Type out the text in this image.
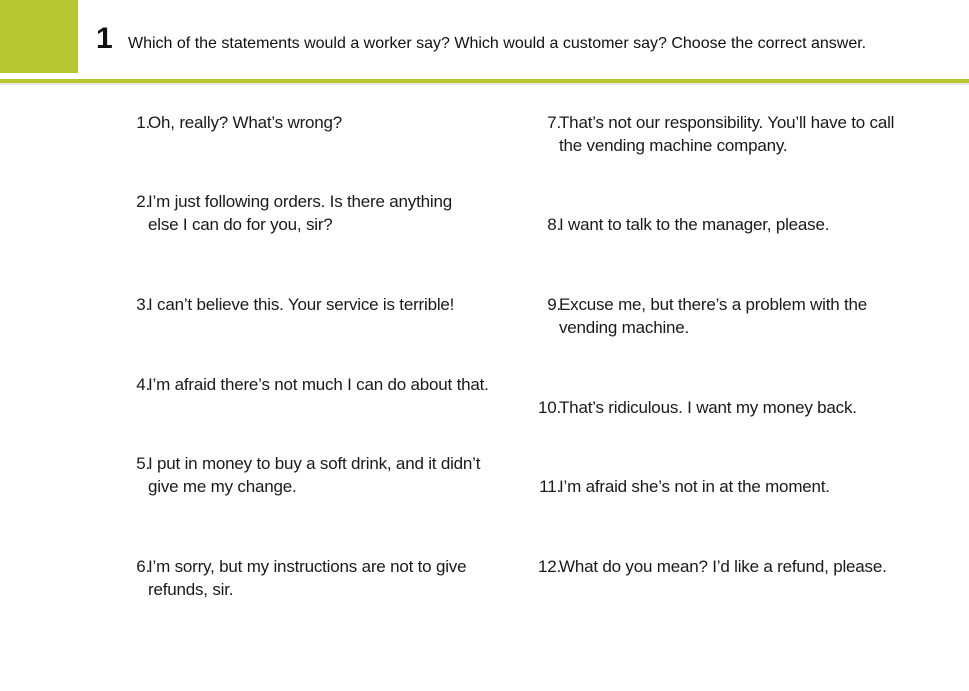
1 Which of the statements would a worker say? Which would a customer say? Choose the correct answer.
1.
Oh, really? What’s wrong?
2.
I’m just following orders. Is there anything else I can do for you, sir?
3.
I can’t believe this. Your service is terrible!
4.
I’m afraid there’s not much I can do about that.
5.
I put in money to buy a soft drink, and it didn’t give me my change.
6.
I’m sorry, but my instructions are not to give refunds, sir.
7.
That’s not our responsibility. You’ll have to call the vending machine company.
8.
I want to talk to the manager, please.
9.
Excuse me, but there’s a problem with the vending machine.
10.
That’s ridiculous. I want my money back.
11.
I’m afraid she’s not in at the moment.
12.
What do you mean? I’d like a refund, please.
